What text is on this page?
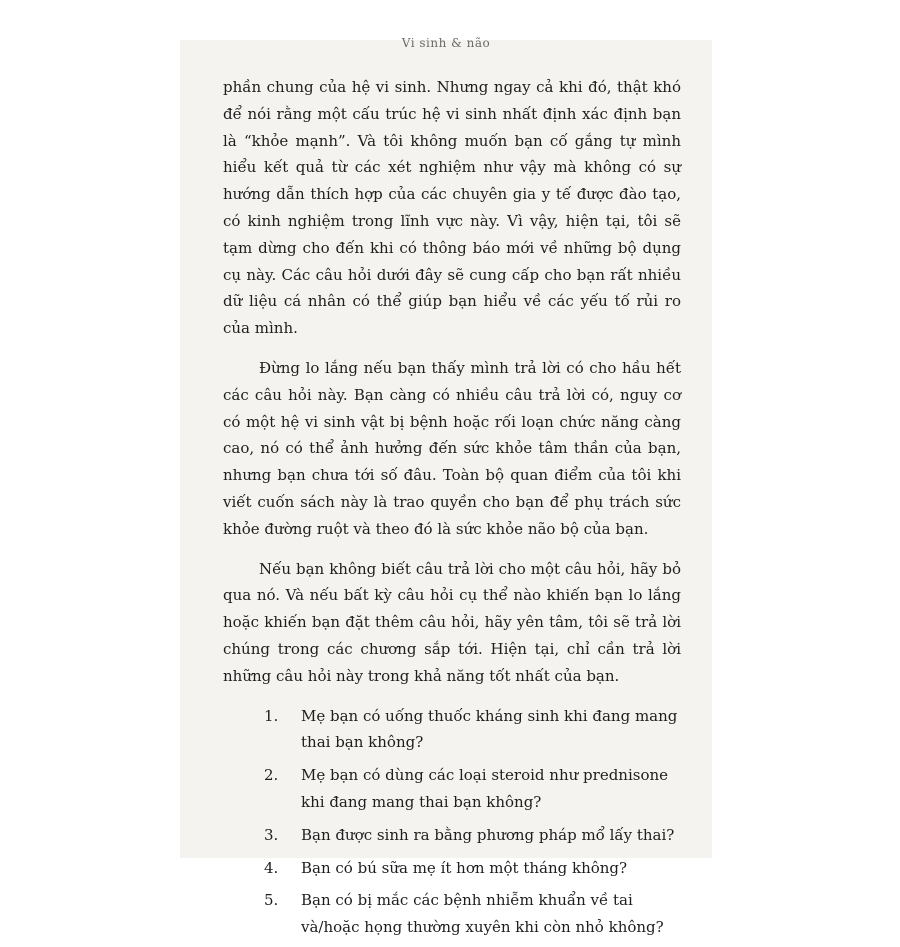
Vi sinh & não

phần chung của hệ vi sinh. Nhưng ngay cả khi đó, thật khó để nói rằng một cấu trúc hệ vi sinh nhất định xác định bạn là “khỏe mạnh”. Và tôi không muốn bạn cố gắng tự mình hiểu kết quả từ các xét nghiệm như vậy mà không có sự hướng dẫn thích hợp của các chuyên gia y tế được đào tạo, có kinh nghiệm trong lĩnh vực này. Vì vậy, hiện tại, tôi sẽ tạm dừng cho đến khi có thông báo mới về những bộ dụng cụ này. Các câu hỏi dưới đây sẽ cung cấp cho bạn rất nhiều dữ liệu cá nhân có thể giúp bạn hiểu về các yếu tố rủi ro của mình.

Đừng lo lắng nếu bạn thấy mình trả lời có cho hầu hết các câu hỏi này. Bạn càng có nhiều câu trả lời có, nguy cơ có một hệ vi sinh vật bị bệnh hoặc rối loạn chức năng càng cao, nó có thể ảnh hưởng đến sức khỏe tâm thần của bạn, nhưng bạn chưa tới số đâu. Toàn bộ quan điểm của tôi khi viết cuốn sách này là trao quyền cho bạn để phụ trách sức khỏe đường ruột và theo đó là sức khỏe não bộ của bạn.

Nếu bạn không biết câu trả lời cho một câu hỏi, hãy bỏ qua nó. Và nếu bất kỳ câu hỏi cụ thể nào khiến bạn lo lắng hoặc khiến bạn đặt thêm câu hỏi, hãy yên tâm, tôi sẽ trả lời chúng trong các chương sắp tới. Hiện tại, chỉ cần trả lời những câu hỏi này trong khả năng tốt nhất của bạn.

1.	Mẹ bạn có uống thuốc kháng sinh khi đang mang thai bạn không?
2.	Mẹ bạn có dùng các loại steroid như prednisone khi đang mang thai bạn không?
3.	Bạn được sinh ra bằng phương pháp mổ lấy thai?
4.	Bạn có bú sữa mẹ ít hơn một tháng không?
5.	Bạn có bị mắc các bệnh nhiễm khuẩn về tai và/hoặc họng thường xuyên khi còn nhỏ không?
